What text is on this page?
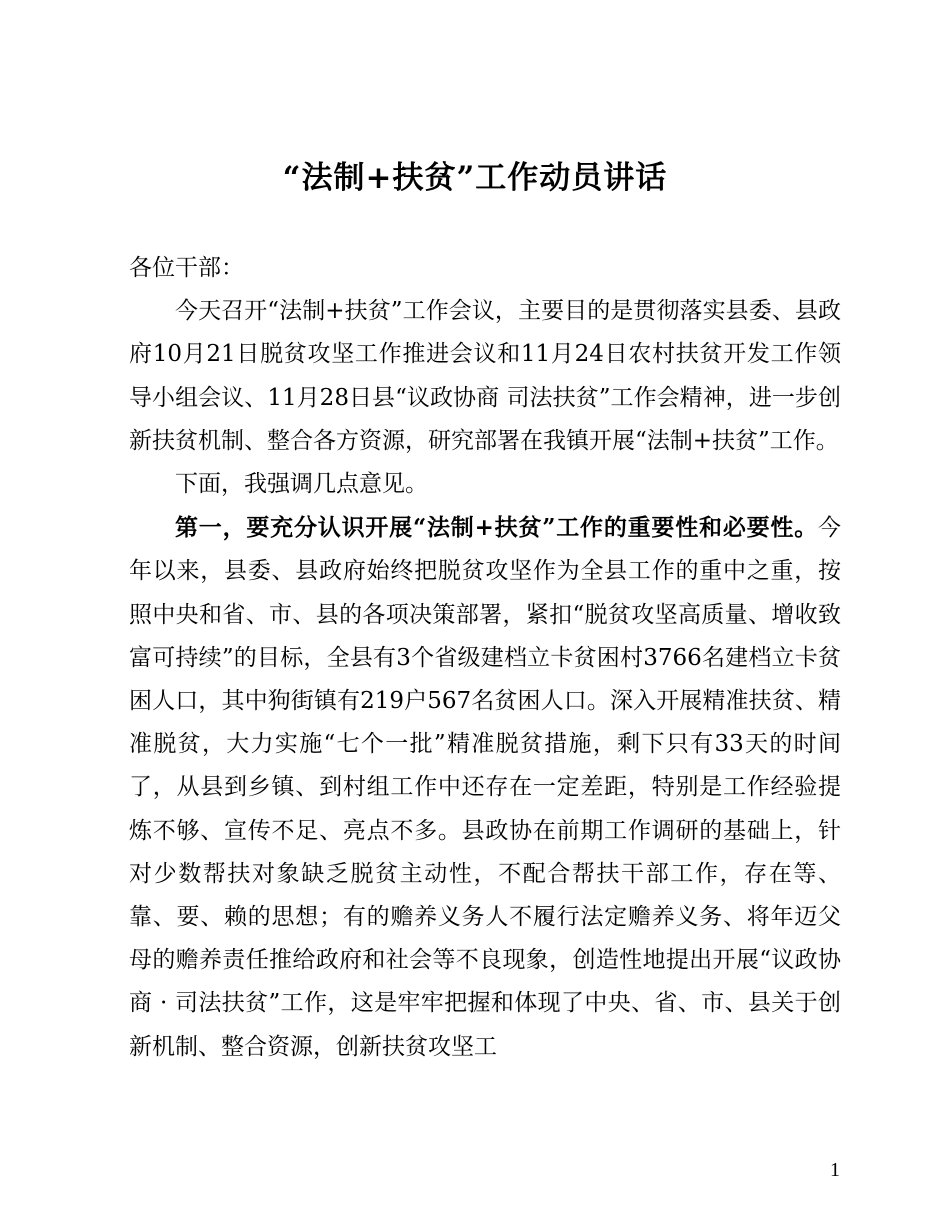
“法制+扶贫”工作动员讲话

各位干部：

今天召开“法制+扶贫”工作会议，主要目的是贯彻落实县委、县政府10月21日脱贫攻坚工作推进会议和11月24日农村扶贫开发工作领导小组会议、11月28日县“议政协商 司法扶贫”工作会精神，进一步创新扶贫机制、整合各方资源，研究部署在我镇开展“法制+扶贫”工作。

下面，我强调几点意见。

第一，要充分认识开展“法制+扶贫”工作的重要性和必要性。今年以来，县委、县政府始终把脱贫攻坚作为全县工作的重中之重，按照中央和省、市、县的各项决策部署，紧扣“脱贫攻坚高质量、增收致富可持续”的目标，全县有3个省级建档立卡贫困村3766名建档立卡贫困人口，其中狗街镇有219户567名贫困人口。深入开展精准扶贫、精准脱贫，大力实施“七个一批”精准脱贫措施，剩下只有33天的时间了，从县到乡镇、到村组工作中还存在一定差距，特别是工作经验提炼不够、宣传不足、亮点不多。县政协在前期工作调研的基础上，针对少数帮扶对象缺乏脱贫主动性，不配合帮扶干部工作，存在等、靠、要、赖的思想；有的赡养义务人不履行法定赡养义务、将年迈父母的赡养责任推给政府和社会等不良现象，创造性地提出开展“议政协商 · 司法扶贫”工作，这是牢牢把握和体现了中央、省、市、县关于创新机制、整合资源，创新扶贫攻坚工

1
